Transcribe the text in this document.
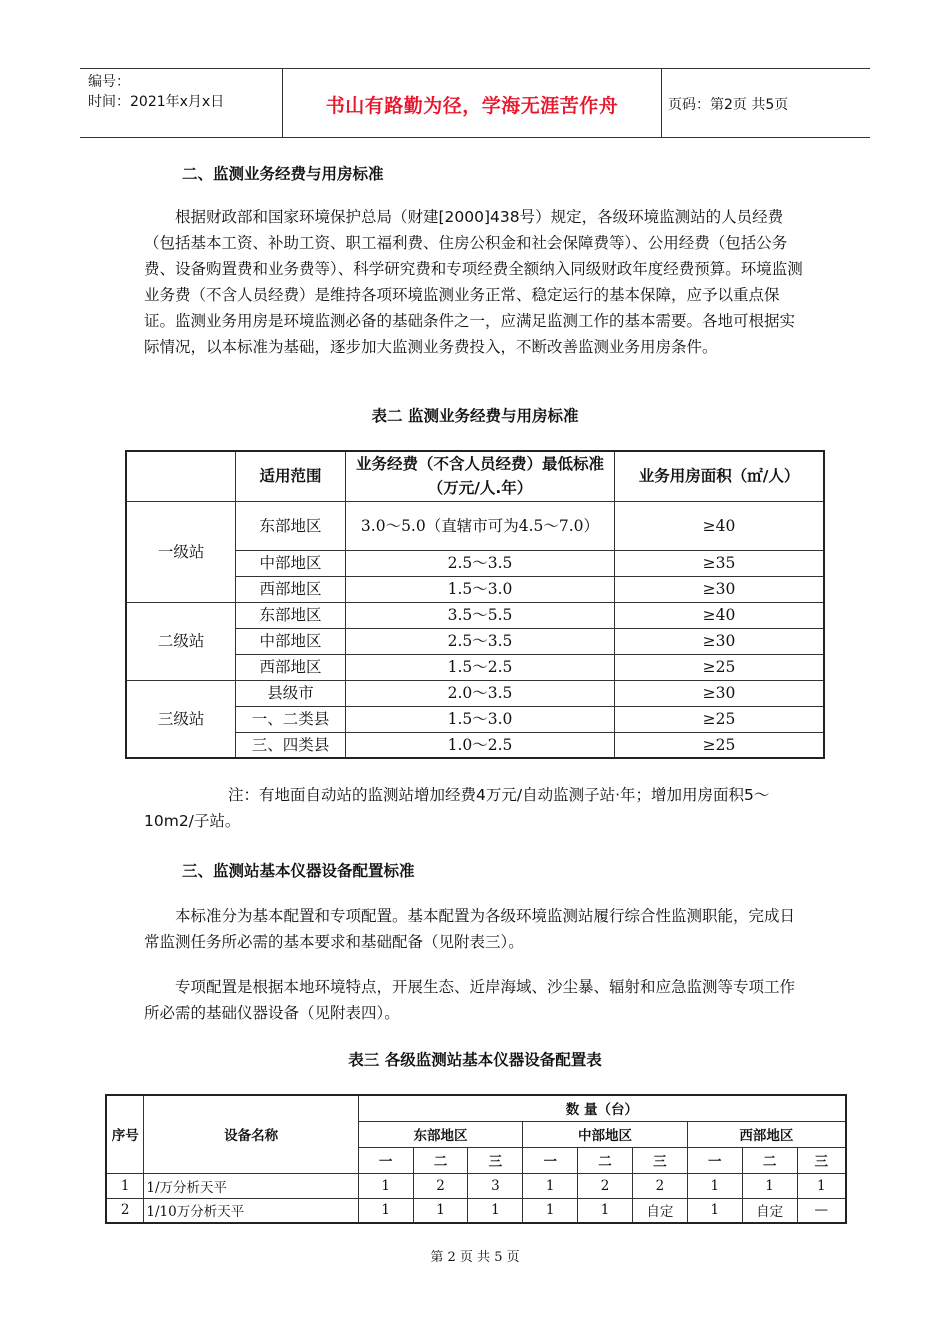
编号：
时间：2021年x月x日	书山有路勤为径，学海无涯苦作舟	页码：第2页 共5页
二、监测业务经费与用房标准

根据财政部和国家环境保护总局（财建[2000]438号）规定，各级环境监测站的人员经费（包括基本工资、补助工资、职工福利费、住房公积金和社会保障费等）、公用经费（包括公务费、设备购置费和业务费等）、科学研究费和专项经费全额纳入同级财政年度经费预算。环境监测业务费（不含人员经费）是维持各项环境监测业务正常、稳定运行的基本保障，应予以重点保证。监测业务用房是环境监测必备的基础条件之一，应满足监测工作的基本需要。各地可根据实际情况，以本标准为基础，逐步加大监测业务费投入，不断改善监测业务用房条件。

表二 监测业务经费与用房标准
	适用范围	业务经费（不含人员经费）最低标准（万元/人.年）	业务用房面积（㎡/人）
一级站	东部地区	3.0～5.0（直辖市可为4.5～7.0）	≥40
	中部地区	2.5～3.5	≥35
	西部地区	1.5～3.0	≥30
二级站	东部地区	3.5～5.5	≥40
	中部地区	2.5～3.5	≥30
	西部地区	1.5～2.5	≥25
三级站	县级市	2.0～3.5	≥30
	一、二类县	1.5～3.0	≥25
	三、四类县	1.0～2.5	≥25

注：有地面自动站的监测站增加经费4万元/自动监测子站·年；增加用房面积5～10m2/子站。

三、监测站基本仪器设备配置标准

本标准分为基本配置和专项配置。基本配置为各级环境监测站履行综合性监测职能，完成日常监测任务所必需的基本要求和基础配备（见附表三）。

专项配置是根据本地环境特点，开展生态、近岸海域、沙尘暴、辐射和应急监测等专项工作所必需的基础仪器设备（见附表四）。

表三 各级监测站基本仪器设备配置表
序号	设备名称	数 量（台）								
		东部地区			中部地区			西部地区		
		一	二	三	一	二	三	一	二	三
1	1/万分析天平	1	2	3	1	2	2	1	1	1
2	1/10万分析天平	1	1	1	1	1	自定	1	自定	—
第 2 页 共 5 页
